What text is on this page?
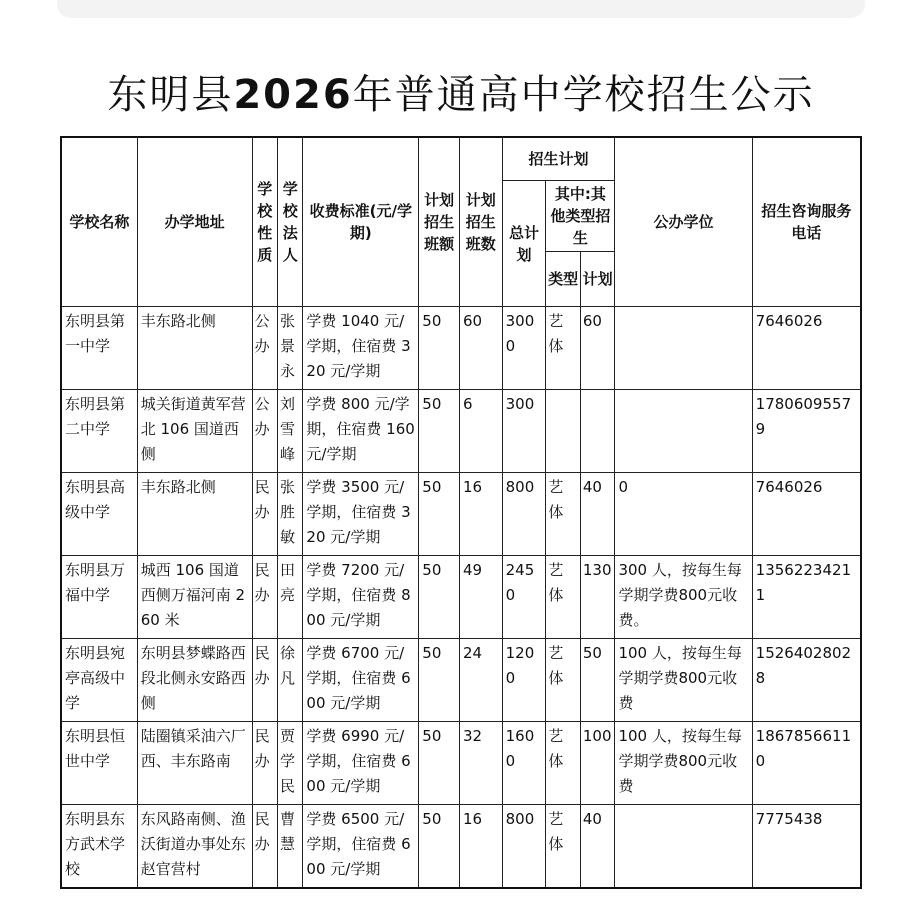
东明县2026年普通高中学校招生公示
学校名称	办学地址	学校性质	学校法人	收费标准(元/学期)	计划招生班额	计划招生班数	招生计划			公办学位	招生咨询服务电话
							总计划	其中:其他类型招生			
								类型	计划		
东明县第一中学	丰东路北侧	公办	张景永	学费 1040 元/学期，住宿费 320 元/学期	50	60	3000	艺体	60		7646026
东明县第二中学	城关街道黄军营北 106 国道西侧	公办	刘雪峰	学费 800 元/学期，住宿费 160 元/学期	50	6	300				17806095579
东明县高级中学	丰东路北侧	民办	张胜敏	学费 3500 元/学期，住宿费 320 元/学期	50	16	800	艺体	40	0	7646026
东明县万福中学	城西 106 国道西侧万福河南 260 米	民办	田亮	学费 7200 元/学期，住宿费 800 元/学期	50	49	2450	艺体	130	300 人，按每生每学期学费800元收费。	13562234211
东明县宛亭高级中学	东明县梦蝶路西段北侧永安路西侧	民办	徐凡	学费 6700 元/学期，住宿费 600 元/学期	50	24	1200	艺体	50	100 人，按每生每学期学费800元收费	15264028028
东明县恒世中学	陆圈镇采油六厂西、丰东路南	民办	贾学民	学费 6990 元/学期，住宿费 600 元/学期	50	32	1600	艺体	100	100 人，按每生每学期学费800元收费	18678566110
东明县东方武术学校	东风路南侧、渔沃街道办事处东赵官营村	民办	曹慧	学费 6500 元/学期，住宿费 600 元/学期	50	16	800	艺体	40		7775438
